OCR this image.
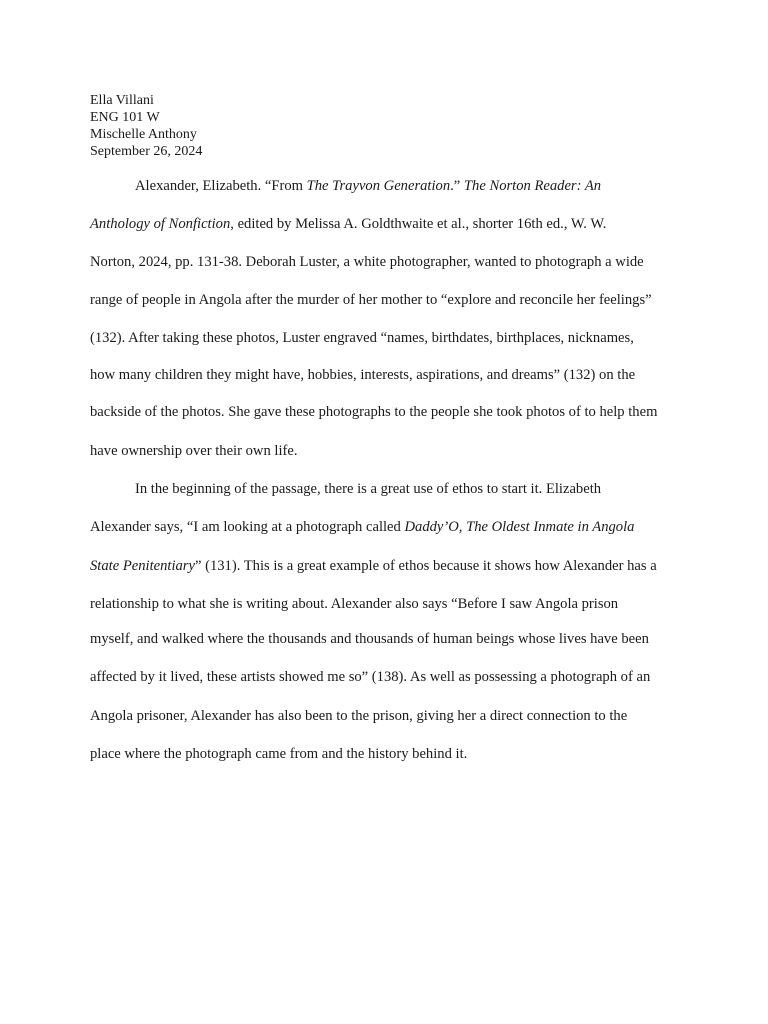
Ella Villani
ENG 101 W
Mischelle Anthony
September 26, 2024
Alexander, Elizabeth. “From The Trayvon Generation.” The Norton Reader: An
Anthology of Nonfiction, edited by Melissa A. Goldthwaite et al., shorter 16th ed., W. W.
Norton, 2024, pp. 131-38. Deborah Luster, a white photographer, wanted to photograph a wide
range of people in Angola after the murder of her mother to “explore and reconcile her feelings”
(132). After taking these photos, Luster engraved “names, birthdates, birthplaces, nicknames,
how many children they might have, hobbies, interests, aspirations, and dreams” (132) on the
backside of the photos. She gave these photographs to the people she took photos of to help them
have ownership over their own life.
In the beginning of the passage, there is a great use of ethos to start it. Elizabeth
Alexander says, “I am looking at a photograph called Daddy’O, The Oldest Inmate in Angola
State Penitentiary” (131). This is a great example of ethos because it shows how Alexander has a
relationship to what she is writing about. Alexander also says “Before I saw Angola prison
myself, and walked where the thousands and thousands of human beings whose lives have been
affected by it lived, these artists showed me so” (138). As well as possessing a photograph of an
Angola prisoner, Alexander has also been to the prison, giving her a direct connection to the
place where the photograph came from and the history behind it.
